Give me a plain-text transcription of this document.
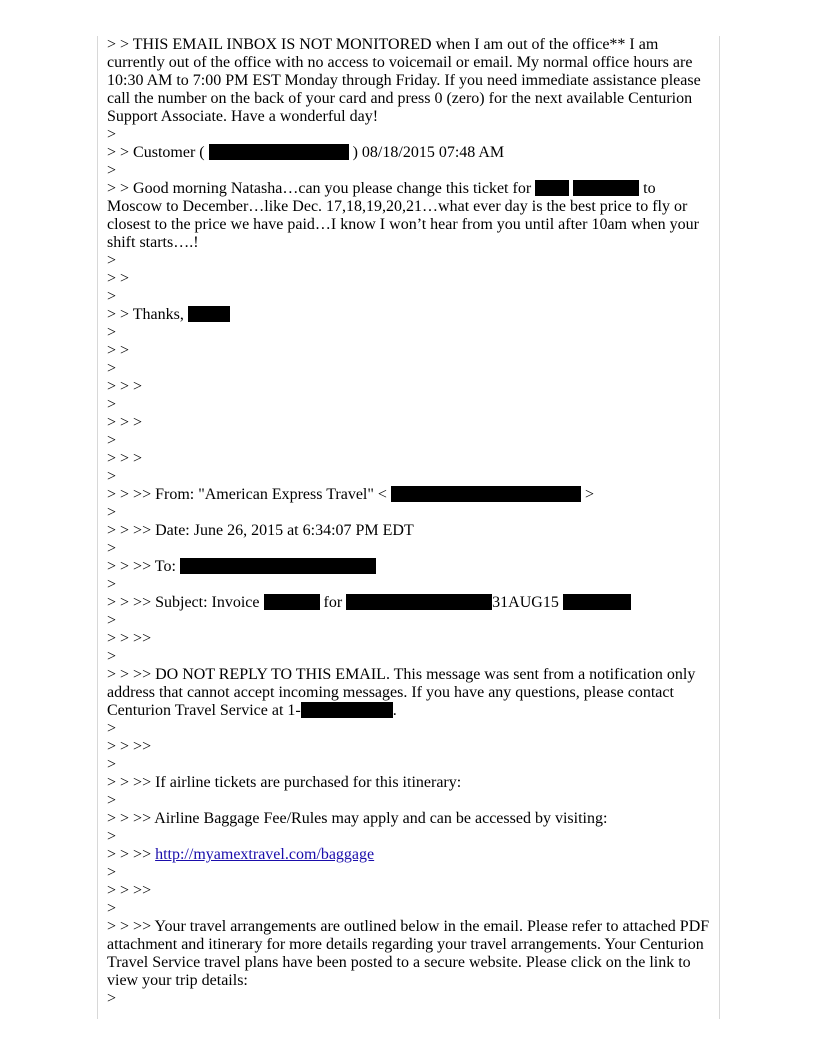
> > THIS EMAIL INBOX IS NOT MONITORED when I am out of the office** I am currently out of the office with no access to voicemail or email. My normal office hours are 10:30 AM to 7:00 PM EST Monday through Friday. If you need immediate assistance please call the number on the back of your card and press 0 (zero) for the next available Centurion Support Associate. Have a wonderful day!

>

> > Customer (	) 08/18/2015 07:48 AM

>

> > Good morning Natasha…can you please change this ticket for	to Moscow to December…like Dec. 17,18,19,20,21…what ever day is the best price to fly or closest to the price we have paid…I know I won’t hear from you until after 10am when your shift starts….!

>

> >

>

> > Thanks,

>

> >

>

> > >

>

> > >

>

> > >

>

> > >> From: "American Express Travel" <	>

>

> > >> Date: June 26, 2015 at 6:34:07 PM EDT

>

> > >> To:

>

> > >> Subject: Invoice	for	31AUG15

>

> > >>

>

> > >> DO NOT REPLY TO THIS EMAIL. This message was sent from a notification only address that cannot accept incoming messages. If you have any questions, please contact Centurion Travel Service at 1-	.

>

> > >>

>

> > >> If airline tickets are purchased for this itinerary:

>

> > >> Airline Baggage Fee/Rules may apply and can be accessed by visiting:

>

> > >> http://myamextravel.com/baggage

>

> > >>

>

> > >> Your travel arrangements are outlined below in the email. Please refer to attached PDF attachment and itinerary for more details regarding your travel arrangements. Your Centurion Travel Service travel plans have been posted to a secure website. Please click on the link to view your trip details:

>
